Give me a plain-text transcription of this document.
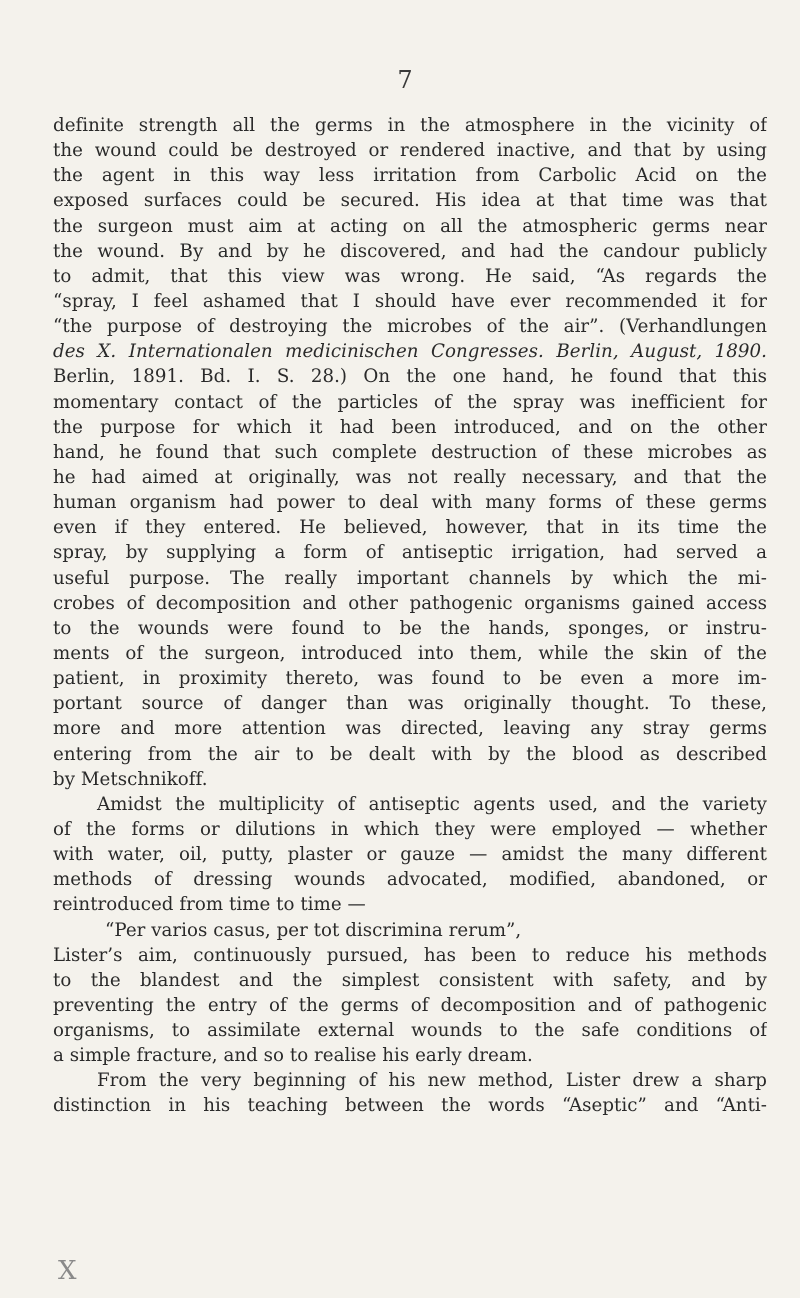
7
definite strength all the germs in the atmosphere in the vicinity of
the wound could be destroyed or rendered inactive, and that by using
the agent in this way less irritation from Carbolic Acid on the
exposed surfaces could be secured. His idea at that time was that
the surgeon must aim at acting on all the atmospheric germs near
the wound. By and by he discovered, and had the candour publicly
to admit, that this view was wrong. He said, “As regards the
“spray, I feel ashamed that I should have ever recommended it for
“the purpose of destroying the microbes of the air”. (Verhandlungen
des X. Internationalen medicinischen Congresses. Berlin, August, 1890.
Berlin, 1891. Bd. I. S. 28.) On the one hand, he found that this
momentary contact of the particles of the spray was inefficient for
the purpose for which it had been introduced, and on the other
hand, he found that such complete destruction of these microbes as
he had aimed at originally, was not really necessary, and that the
human organism had power to deal with many forms of these germs
even if they entered. He believed, however, that in its time the
spray, by supplying a form of antiseptic irrigation, had served a
useful purpose. The really important channels by which the mi-
crobes of decomposition and other pathogenic organisms gained access
to the wounds were found to be the hands, sponges, or instru-
ments of the surgeon, introduced into them, while the skin of the
patient, in proximity thereto, was found to be even a more im-
portant source of danger than was originally thought. To these,
more and more attention was directed, leaving any stray germs
entering from the air to be dealt with by the blood as described
by Metschnikoff.
Amidst the multiplicity of antiseptic agents used, and the variety
of the forms or dilutions in which they were employed — whether
with water, oil, putty, plaster or gauze — amidst the many different
methods of dressing wounds advocated, modified, abandoned, or
reintroduced from time to time —
“Per varios casus, per tot discrimina rerum”,
Lister’s aim, continuously pursued, has been to reduce his methods
to the blandest and the simplest consistent with safety, and by
preventing the entry of the germs of decomposition and of pathogenic
organisms, to assimilate external wounds to the safe conditions of
a simple fracture, and so to realise his early dream.
From the very beginning of his new method, Lister drew a sharp
distinction in his teaching between the words “Aseptic” and “Anti-
X
